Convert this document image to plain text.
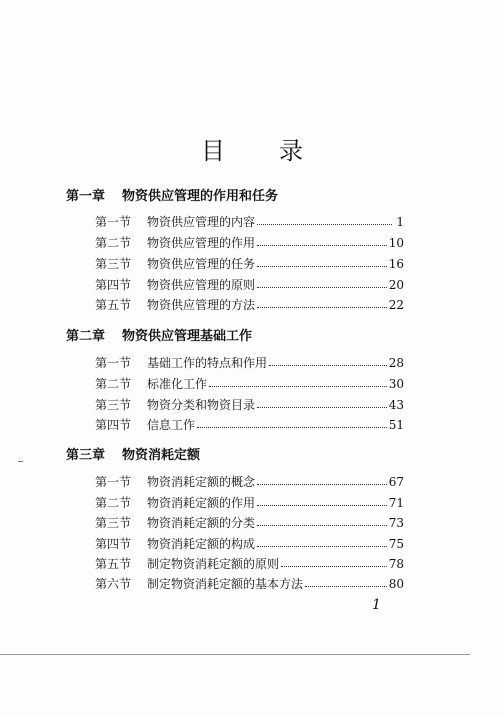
目 录
第一章 物资供应管理的作用和任务
第一节	物资供应管理的内容	1
第二节	物资供应管理的作用	10
第三节	物资供应管理的任务	16
第四节	物资供应管理的原则	20
第五节	物资供应管理的方法	22
第二章 物资供应管理基础工作
第一节	基础工作的特点和作用	28
第二节	标准化工作	30
第三节	物资分类和物资目录	43
第四节	信息工作	51
第三章 物资消耗定额
第一节	物资消耗定额的概念	67
第二节	物资消耗定额的作用	71
第三节	物资消耗定额的分类	73
第四节	物资消耗定额的构成	75
第五节	制定物资消耗定额的原则	78
第六节	制定物资消耗定额的基本方法	80
1
